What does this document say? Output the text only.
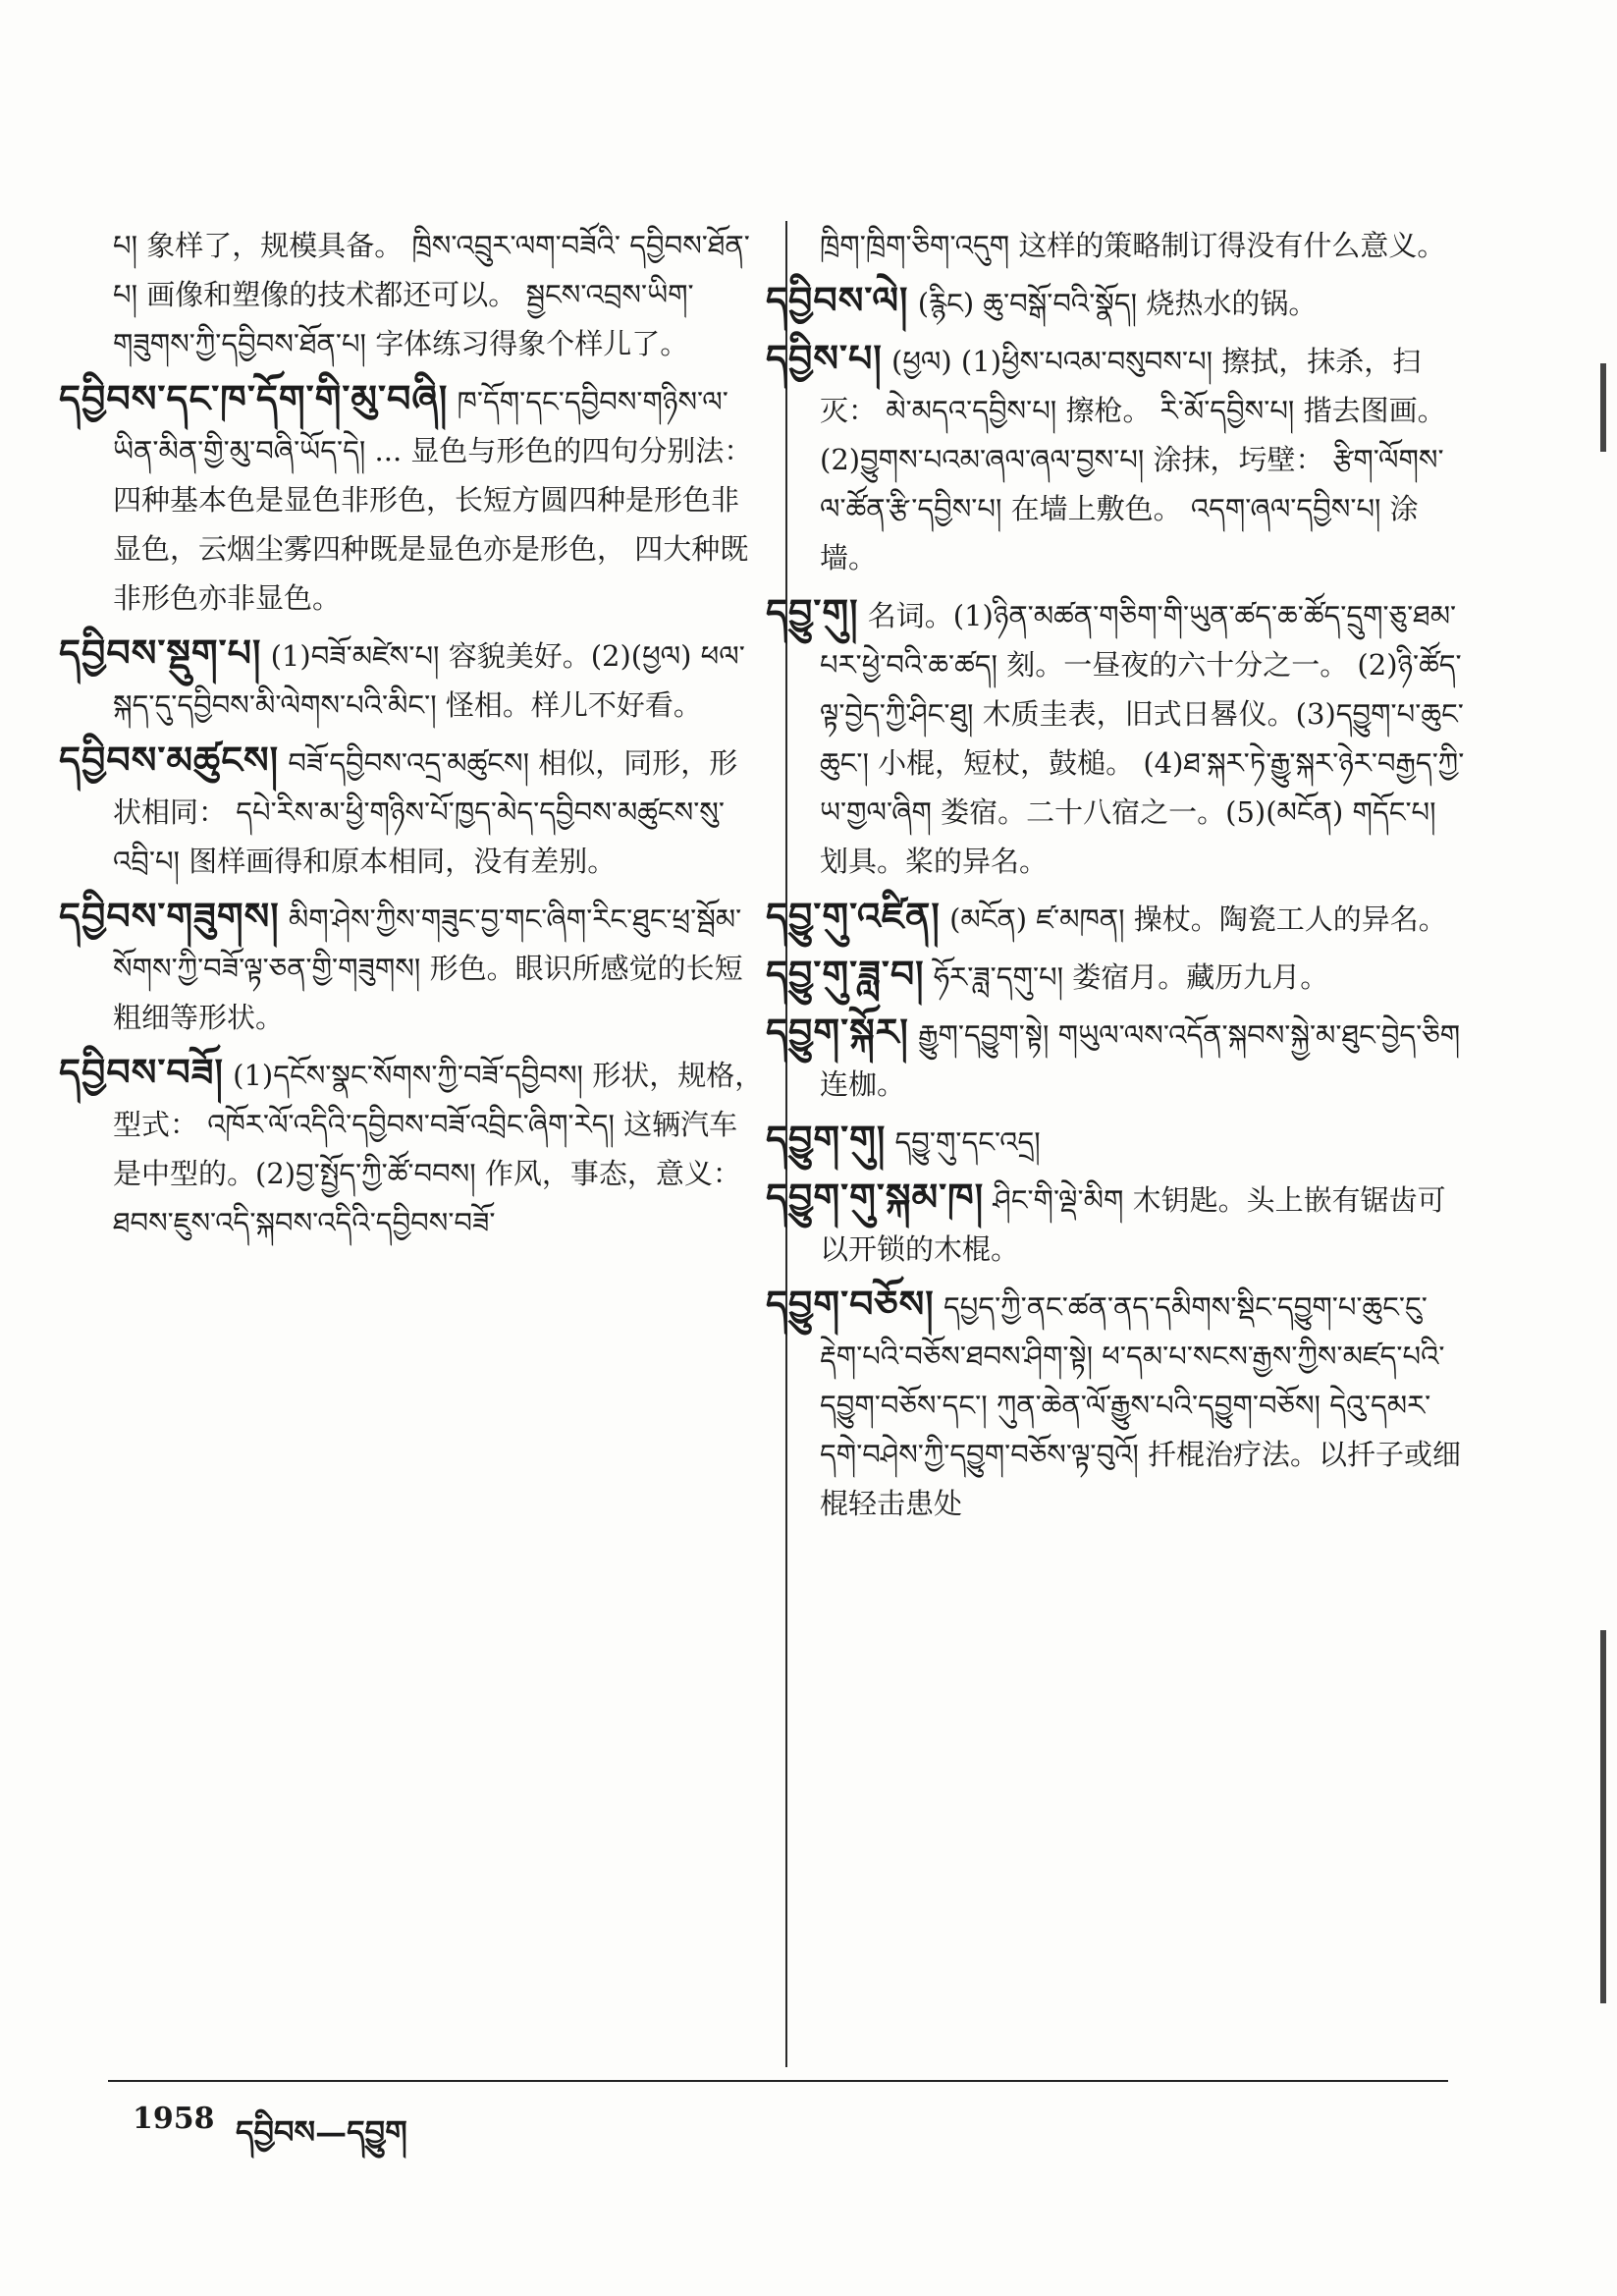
པ། 象样了，规模具备。 ཁྲིས་འབྲུར་ལག་བཟོའི་ དབྱིབས་ཐོན་པ། 画像和塑像的技术都还可以。 སྦྱངས་འབྲས་ཡིག་གཟུགས་ཀྱི་དབྱིབས་ཐོན་པ། 字体练习得象个样儿了。
དབྱིབས་དང་ཁ་དོག་གི་མུ་བཞི། ཁ་དོག་དང་དབྱིབས་གཉིས་ལ་ཡིན་མིན་གྱི་མུ་བཞི་ཡོད་དེ། ... 显色与形色的四句分别法：四种基本色是显色非形色，长短方圆四种是形色非显色，云烟尘雾四种既是显色亦是形色， 四大种既非形色亦非显色。
དབྱིབས་སྡུག་པ། (1)བཟོ་མཛེས་པ། 容貌美好。(2)(ཕྱལ) ཕལ་སྐད་དུ་དབྱིབས་མི་ལེགས་པའི་མིང་། 怪相。样儿不好看。
དབྱིབས་མཚུངས། བཟོ་དབྱིབས་འདྲ་མཚུངས། 相似，同形，形状相同： དཔེ་རིས་མ་ཕྱི་གཉིས་པོ་ཁྱད་མེད་དབྱིབས་མཚུངས་སུ་འབྲི་པ། 图样画得和原本相同，没有差别。
དབྱིབས་གཟུགས། མིག་ཤེས་ཀྱིས་གཟུང་བྱ་གང་ཞིག་རིང་ཐུང་ཕྲ་སྦོམ་སོགས་ཀྱི་བཟོ་ལྟ་ཅན་གྱི་གཟུགས། 形色。眼识所感觉的长短粗细等形状。
དབྱིབས་བཟོ། (1)དངོས་སྣང་སོགས་ཀྱི་བཟོ་དབྱིབས། 形状，规格，型式： འཁོར་ལོ་འདིའི་དབྱིབས་བཟོ་འབྲིང་ཞིག་རེད། 这辆汽车是中型的。(2)བྱ་སྤྱོད་ཀྱི་ཚོ་བབས། 作风，事态，意义： ཐབས་ཇུས་འདི་སྐབས་འདིའི་དབྱིབས་བཟོ་
ཁྲིག་ཁྲིག་ཅིག་འདུག 这样的策略制订得没有什么意义。
དབྱིབས་ལེ། (རྙིང) ཆུ་བསྒོ་བའི་སྣོད། 烧热水的锅。
དབྱིས་པ། (ཕྱལ) (1)ཕྱིས་པའམ་བསུབས་པ། 擦拭，抹杀，扫灭： མེ་མདའ་དབྱིས་པ། 擦枪。 རི་མོ་དབྱིས་པ། 揩去图画。 (2)བྱུགས་པའམ་ཞལ་ཞལ་བྱས་པ། 涂抹，圬壁： རྩིག་ལོགས་ལ་ཚོན་རྩི་དབྱིས་པ། 在墙上敷色。 འདག་ཞལ་དབྱིས་པ། 涂墙。
དབྱུ་གུ། 名词。(1)ཉིན་མཚན་གཅིག་གི་ཡུན་ཚད་ཆ་ཚོད་དྲུག་ཅུ་ཐམ་པར་ཕྱེ་བའི་ཆ་ཚད། 刻。一昼夜的六十分之一。 (2)ཉི་ཚོད་ལྟ་བྱེད་ཀྱི་ཤིང་ཐུ། 木质圭表，旧式日晷仪。(3)དབྱུག་པ་ཆུང་ཆུང་། 小棍，短杖，鼓槌。 (4)ཐ་སྐར་ཏེ་རྒྱུ་སྐར་ཉེར་བརྒྱད་ཀྱི་ཡ་གྱལ་ཞིག 娄宿。二十八宿之一。(5)(མངོན) གདོང་པ། 划具。桨的异名。
དབྱུ་གུ་འཛིན། (མངོན) ཛ་མཁན། 操杖。陶瓷工人的异名。
དབྱུ་གུ་ཟླ་བ། ཧོར་ཟླ་དགུ་པ། 娄宿月。藏历九月。
དབྱུག་སྐོར། རྒྱུག་དབྱུག་སྟེ། གཡུལ་ལས་འདོན་སྐབས་སྐྱེ་མ་ཐུང་བྱེད་ཅིག 连枷。
དབྱུག་གུ། དབྱུ་གུ་དང་འདྲ།
དབྱུག་གུ་སྐམ་ཁ། ཤིང་གི་ལྡེ་མིག 木钥匙。头上嵌有锯齿可以开锁的木棍。
དབྱུག་བཅོས། དཔྱད་ཀྱི་ནང་ཚན་ནད་དམིགས་སྡིང་དབྱུག་པ་ཆུང་ངུ་རྡེག་པའི་བཅོས་ཐབས་ཤིག་སྟེ། ཕ་དམ་པ་སངས་རྒྱས་ཀྱིས་མཛད་པའི་དབྱུག་བཅོས་དང་། ཀུན་ཆེན་ལོ་རྒྱུས་པའི་དབྱུག་བཅོས། དེའུ་དམར་དགེ་བཤེས་ཀྱི་དབྱུག་བཅོས་ལྟ་བུའོ། 扦棍治疗法。以扦子或细棍轻击患处
1958 དབྱིབས—དབྱུག
